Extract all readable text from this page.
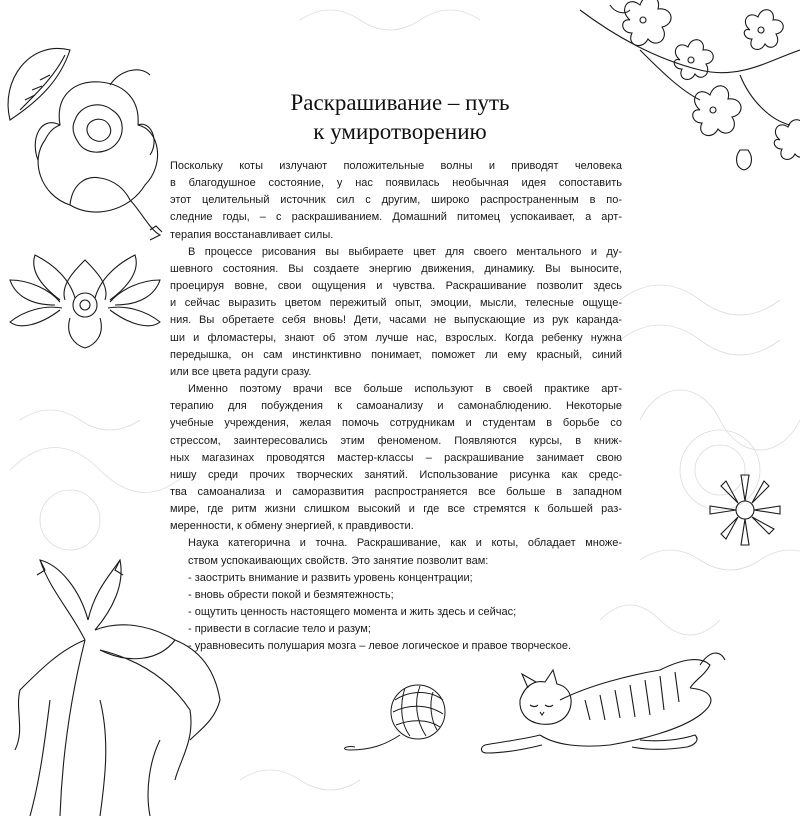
Раскрашивание – путь
к умиротворению
Поскольку коты излучают положительные волны и приводят человека
в благодушное состояние, у нас появилась необычная идея сопоставить
этот целительный источник сил с другим, широко распространенным в по-
следние годы, – с раскрашиванием. Домашний питомец успокаивает, а арт-
терапия восстанавливает силы.
В процессе рисования вы выбираете цвет для своего ментального и ду-
шевного состояния. Вы создаете энергию движения, динамику. Вы выносите,
проецируя вовне, свои ощущения и чувства. Раскрашивание позволит здесь
и сейчас выразить цветом пережитый опыт, эмоции, мысли, телесные ощуще-
ния. Вы обретаете себя вновь! Дети, часами не выпускающие из рук каранда-
ши и фломастеры, знают об этом лучше нас, взрослых. Когда ребенку нужна
передышка, он сам инстинктивно понимает, поможет ли ему красный, синий
или все цвета радуги сразу.
Именно поэтому врачи все больше используют в своей практике арт-
терапию для побуждения к самоанализу и самонаблюдению. Некоторые
учебные учреждения, желая помочь сотрудникам и студентам в борьбе со
стрессом, заинтересовались этим феноменом. Появляются курсы, в книж-
ных магазинах проводятся мастер-классы – раскрашивание занимает свою
нишу среди прочих творческих занятий. Использование рисунка как средс-
тва самоанализа и саморазвития распространяется все больше в западном
мире, где ритм жизни слишком высокий и где все стремятся к большей раз-
меренности, к обмену энергией, к правдивости.
Наука категорична и точна. Раскрашивание, как и коты, обладает множе-
ством успокаивающих свойств. Это занятие позволит вам:
- заострить внимание и развить уровень концентрации;
- вновь обрести покой и безмятежность;
- ощутить ценность настоящего момента и жить здесь и сейчас;
- привести в согласие тело и разум;
- уравновесить полушария мозга – левое логическое и правое творческое.
